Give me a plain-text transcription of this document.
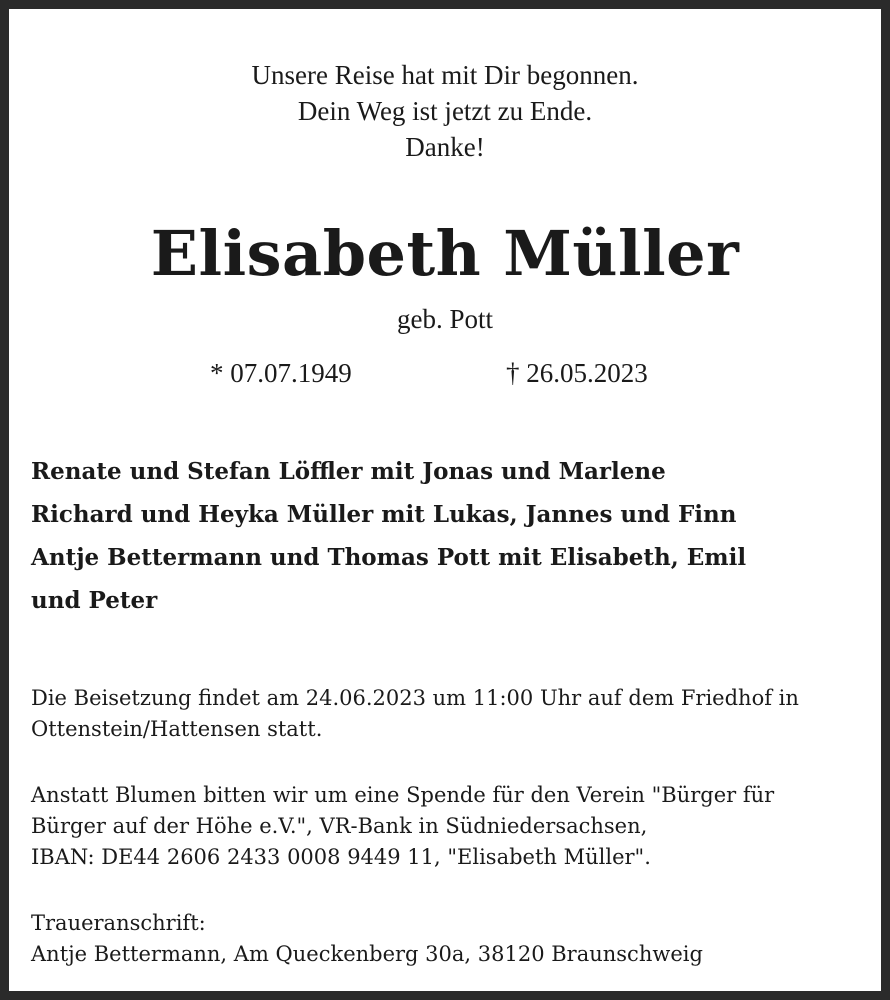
Unsere Reise hat mit Dir begonnen.
Dein Weg ist jetzt zu Ende.
Danke!
Elisabeth Müller
geb. Pott
* 07.07.1949	† 26.05.2023
Renate und Stefan Löffler mit Jonas und Marlene
Richard und Heyka Müller mit Lukas, Jannes und Finn
Antje Bettermann und Thomas Pott mit Elisabeth, Emil
und Peter
Die Beisetzung findet am 24.06.2023 um 11:00 Uhr auf dem Friedhof in
Ottenstein/Hattensen statt.
Anstatt Blumen bitten wir um eine Spende für den Verein "Bürger für
Bürger auf der Höhe e.V.", VR-Bank in Südniedersachsen,
IBAN: DE44 2606 2433 0008 9449 11, "Elisabeth Müller".
Traueranschrift:
Antje Bettermann, Am Queckenberg 30a, 38120 Braunschweig
